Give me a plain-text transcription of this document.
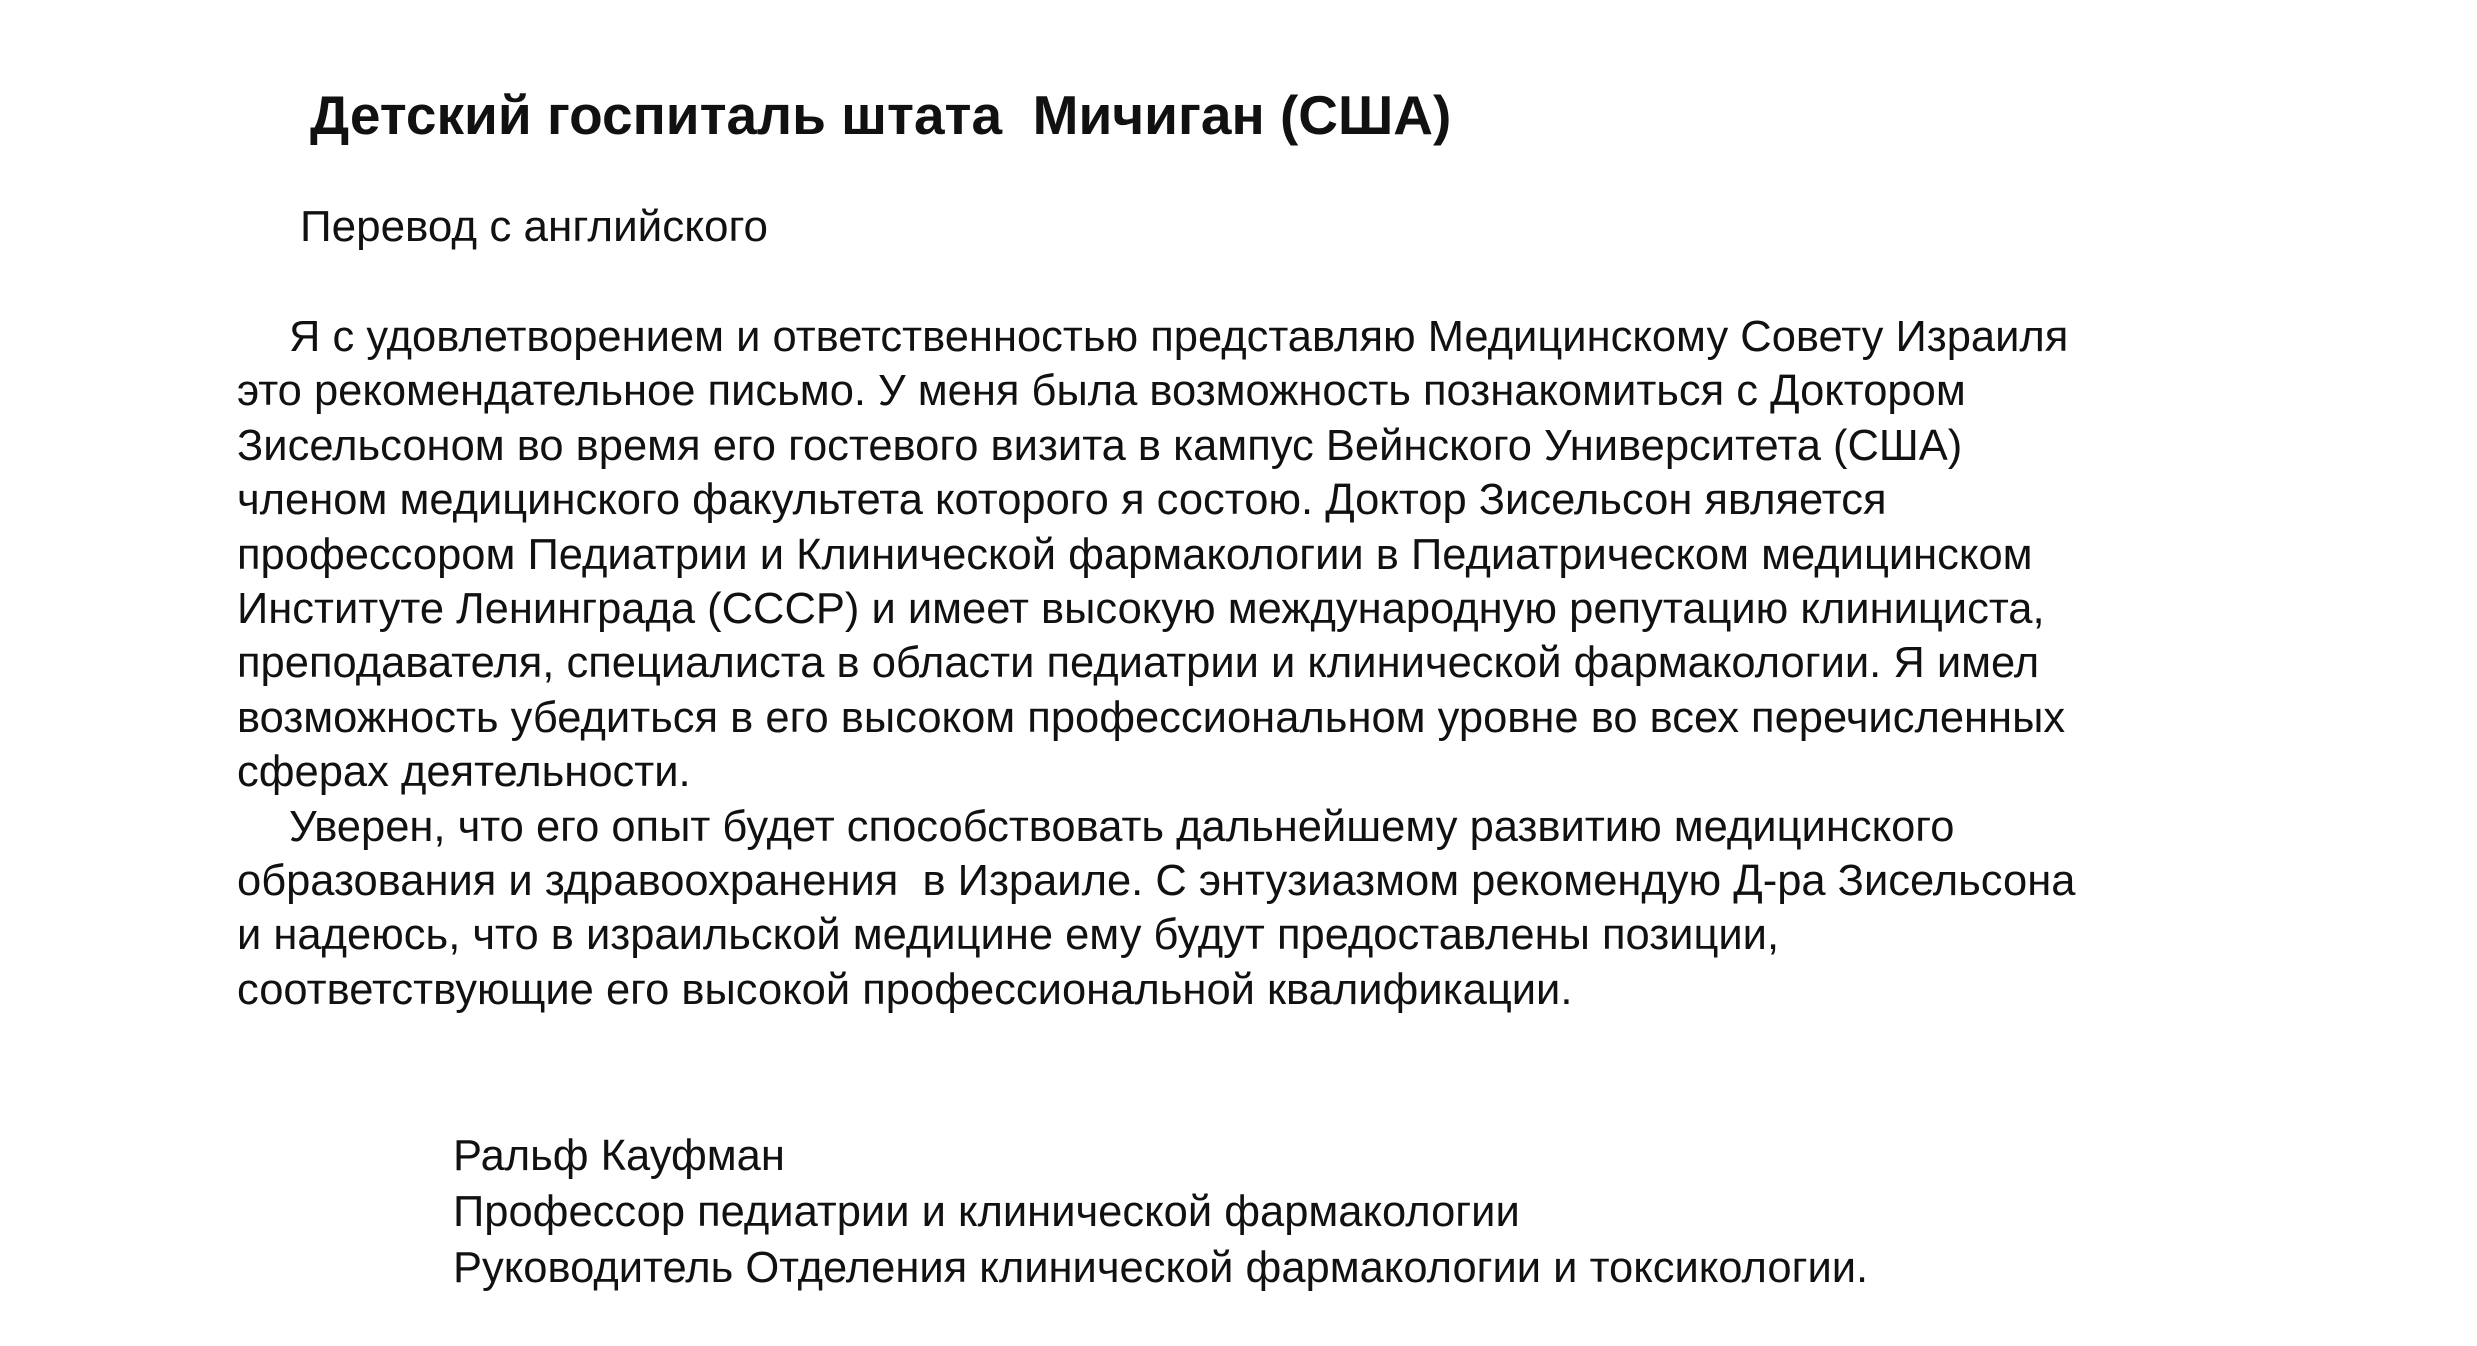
Детский госпиталь штата  Мичиган (США)
Перевод с английского
Я с удовлетворением и ответственностью представляю Медицинскому Совету Израиля
это рекомендательное письмо. У меня была возможность познакомиться с Доктором
Зисельсоном во время его гостевого визита в кампус Вейнского Университета (США)
членом медицинского факультета которого я состою. Доктор Зисельсон является
профессором Педиатрии и Клинической фармакологии в Педиатрическом медицинском
Институте Ленинграда (СССР) и имеет высокую международную репутацию клинициста,
преподавателя, специалиста в области педиатрии и клинической фармакологии. Я имел
возможность убедиться в его высоком профессиональном уровне во всех перечисленных
сферах деятельности.
Уверен, что его опыт будет способствовать дальнейшему развитию медицинского
образования и здравоохранения  в Израиле. С энтузиазмом рекомендую Д-ра Зисельсона
и надеюсь, что в израильской медицине ему будут предоставлены позиции,
соответствующие его высокой профессиональной квалификации.
Ральф Кауфман
Профессор педиатрии и клинической фармакологии
Руководитель Отделения клинической фармакологии и токсикологии.
